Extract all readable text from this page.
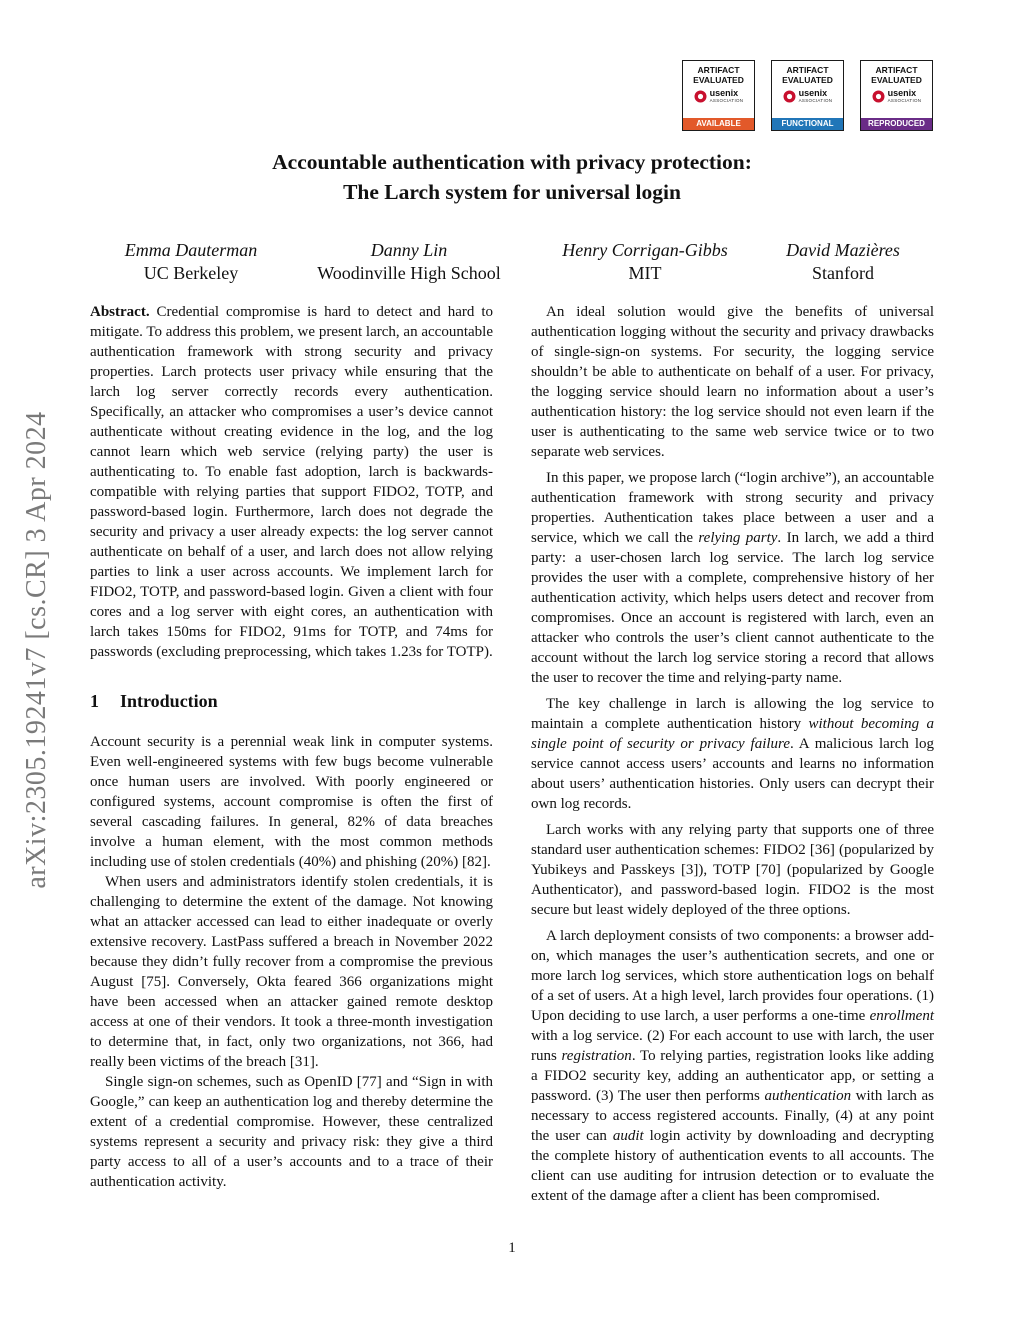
arXiv:2305.19241v7 [cs.CR] 3 Apr 2024
ARTIFACT
EVALUATED
usenix
ASSOCIATION
AVAILABLE
ARTIFACT
EVALUATED
usenix
ASSOCIATION
FUNCTIONAL
ARTIFACT
EVALUATED
usenix
ASSOCIATION
REPRODUCED
Accountable authentication with privacy protection:
The Larch system for universal login
Emma Dauterman
UC Berkeley
Danny Lin
Woodinville High School
Henry Corrigan-Gibbs
MIT
David Mazières
Stanford

Abstract. Credential compromise is hard to detect and hard to mitigate. To address this problem, we present larch, an accountable authentication framework with strong security and privacy properties. Larch protects user privacy while ensuring that the larch log server correctly records every authentication. Specifically, an attacker who compromises a user’s device cannot authenticate without creating evidence in the log, and the log cannot learn which web service (relying party) the user is authenticating to. To enable fast adoption, larch is backwards-compatible with relying parties that support FIDO2, TOTP, and password-based login. Furthermore, larch does not degrade the security and privacy a user already expects: the log server cannot authenticate on behalf of a user, and larch does not allow relying parties to link a user across accounts. We implement larch for FIDO2, TOTP, and password-based login. Given a client with four cores and a log server with eight cores, an authentication with larch takes 150ms for FIDO2, 91ms for TOTP, and 74ms for passwords (excluding preprocessing, which takes 1.23s for TOTP).

1 Introduction

Account security is a perennial weak link in computer systems. Even well-engineered systems with few bugs become vulnerable once human users are involved. With poorly engineered or configured systems, account compromise is often the first of several cascading failures. In general, 82% of data breaches involve a human element, with the most common methods including use of stolen credentials (40%) and phishing (20%) [82].

When users and administrators identify stolen credentials, it is challenging to determine the extent of the damage. Not knowing what an attacker accessed can lead to either inadequate or overly extensive recovery. LastPass suffered a breach in November 2022 because they didn’t fully recover from a compromise the previous August [75]. Conversely, Okta feared 366 organizations might have been accessed when an attacker gained remote desktop access at one of their vendors. It took a three-month investigation to determine that, in fact, only two organizations, not 366, had really been victims of the breach [31].

Single sign-on schemes, such as OpenID [77] and “Sign in with Google,” can keep an authentication log and thereby determine the extent of a credential compromise. However, these centralized systems represent a security and privacy risk: they give a third party access to all of a user’s accounts and to a trace of their authentication activity.

An ideal solution would give the benefits of universal authentication logging without the security and privacy drawbacks of single-sign-on systems. For security, the logging service shouldn’t be able to authenticate on behalf of a user. For privacy, the logging service should learn no information about a user’s authentication history: the log service should not even learn if the user is authenticating to the same web service twice or to two separate web services.

In this paper, we propose larch (“login archive”), an accountable authentication framework with strong security and privacy properties. Authentication takes place between a user and a service, which we call the relying party. In larch, we add a third party: a user-chosen larch log service. The larch log service provides the user with a complete, comprehensive history of her authentication activity, which helps users detect and recover from compromises. Once an account is registered with larch, even an attacker who controls the user’s client cannot authenticate to the account without the larch log service storing a record that allows the user to recover the time and relying-party name.

The key challenge in larch is allowing the log service to maintain a complete authentication history without becoming a single point of security or privacy failure. A malicious larch log service cannot access users’ accounts and learns no information about users’ authentication histories. Only users can decrypt their own log records.

Larch works with any relying party that supports one of three standard user authentication schemes: FIDO2 [36] (popularized by Yubikeys and Passkeys [3]), TOTP [70] (popularized by Google Authenticator), and password-based login. FIDO2 is the most secure but least widely deployed of the three options.

A larch deployment consists of two components: a browser add-on, which manages the user’s authentication secrets, and one or more larch log services, which store authentication logs on behalf of a set of users. At a high level, larch provides four operations. (1) Upon deciding to use larch, a user performs a one-time enrollment with a log service. (2) For each account to use with larch, the user runs registration. To relying parties, registration looks like adding a FIDO2 security key, adding an authenticator app, or setting a password. (3) The user then performs authentication with larch as necessary to access registered accounts. Finally, (4) at any point the user can audit login activity by downloading and decrypting the complete history of authentication events to all accounts. The client can use auditing for intrusion detection or to evaluate the extent of the damage after a client has been compromised.

1
